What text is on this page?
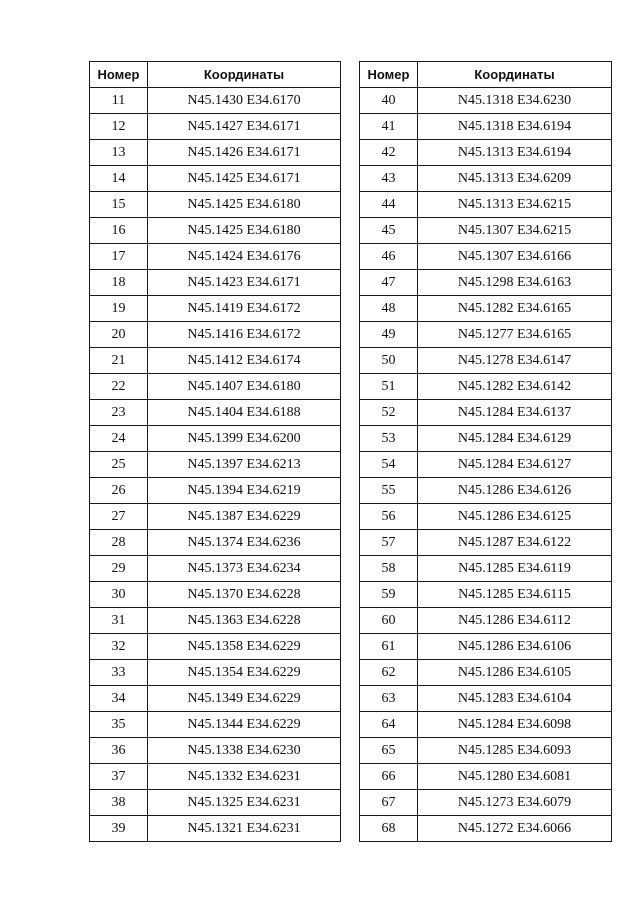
Номер	Координаты
11	N45.1430 E34.6170
12	N45.1427 E34.6171
13	N45.1426 E34.6171
14	N45.1425 E34.6171
15	N45.1425 E34.6180
16	N45.1425 E34.6180
17	N45.1424 E34.6176
18	N45.1423 E34.6171
19	N45.1419 E34.6172
20	N45.1416 E34.6172
21	N45.1412 E34.6174
22	N45.1407 E34.6180
23	N45.1404 E34.6188
24	N45.1399 E34.6200
25	N45.1397 E34.6213
26	N45.1394 E34.6219
27	N45.1387 E34.6229
28	N45.1374 E34.6236
29	N45.1373 E34.6234
30	N45.1370 E34.6228
31	N45.1363 E34.6228
32	N45.1358 E34.6229
33	N45.1354 E34.6229
34	N45.1349 E34.6229
35	N45.1344 E34.6229
36	N45.1338 E34.6230
37	N45.1332 E34.6231
38	N45.1325 E34.6231
39	N45.1321 E34.6231
Номер	Координаты
40	N45.1318 E34.6230
41	N45.1318 E34.6194
42	N45.1313 E34.6194
43	N45.1313 E34.6209
44	N45.1313 E34.6215
45	N45.1307 E34.6215
46	N45.1307 E34.6166
47	N45.1298 E34.6163
48	N45.1282 E34.6165
49	N45.1277 E34.6165
50	N45.1278 E34.6147
51	N45.1282 E34.6142
52	N45.1284 E34.6137
53	N45.1284 E34.6129
54	N45.1284 E34.6127
55	N45.1286 E34.6126
56	N45.1286 E34.6125
57	N45.1287 E34.6122
58	N45.1285 E34.6119
59	N45.1285 E34.6115
60	N45.1286 E34.6112
61	N45.1286 E34.6106
62	N45.1286 E34.6105
63	N45.1283 E34.6104
64	N45.1284 E34.6098
65	N45.1285 E34.6093
66	N45.1280 E34.6081
67	N45.1273 E34.6079
68	N45.1272 E34.6066
